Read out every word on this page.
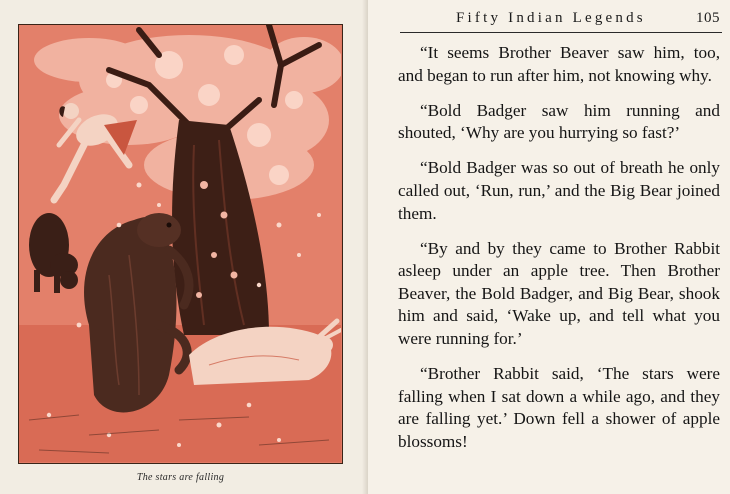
The stars are falling
Fifty Indian Legends	105

“It seems Brother Beaver saw him, too, and began to run after him, not knowing why.

“Bold Badger saw him running and shouted, ‘Why are you hurrying so fast?’

“Bold Badger was so out of breath he only called out, ‘Run, run,’ and the Big Bear joined them.

“By and by they came to Brother Rabbit asleep under an apple tree. Then Brother Beaver, the Bold Badger, and Big Bear, shook him and said, ‘Wake up, and tell what you were running for.’

“Brother Rabbit said, ‘The stars were falling when I sat down a while ago, and they are falling yet.’ Down fell a shower of apple blossoms!
